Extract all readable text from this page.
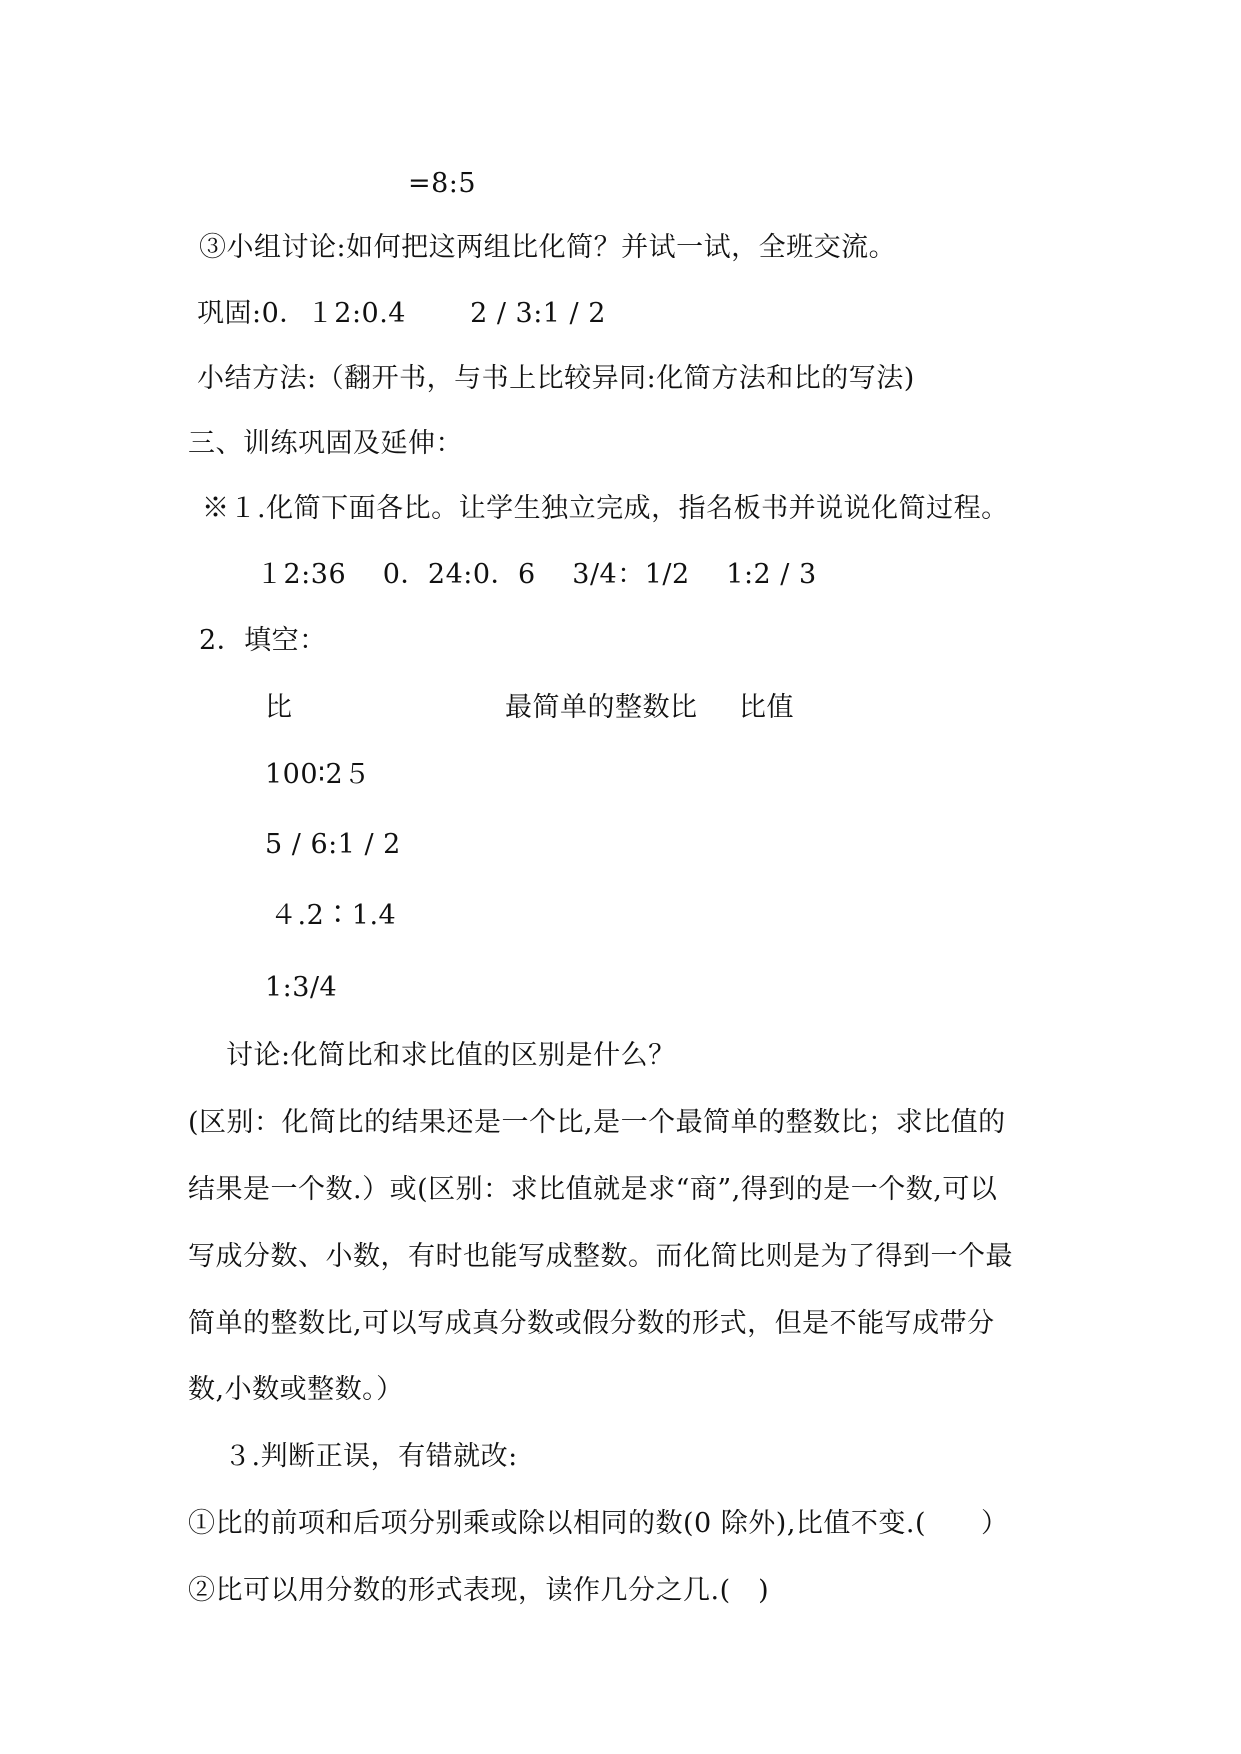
=8:5
③小组讨论:如何把这两组比化简？并试一试，全班交流。
巩固:0．１2:0.4　　 2 / 3:1 / 2
小结方法:（翻开书，与书上比较异同:化简方法和比的写法)
三、训练巩固及延伸：
※１.化简下面各比。让学生独立完成，指名板书并说说化简过程。
１2:36　 0．24:0．6　 3/4：1/2　 1:2 / 3
2．填空：
比	最简单的整数比 比值
100∶2５
5 / 6:1 / 2
４.2∶1.4
1:3/4
讨论:化简比和求比值的区别是什么？
(区别：化简比的结果还是一个比,是一个最简单的整数比；求比值的
结果是一个数.）或(区别：求比值就是求“商”,得到的是一个数,可以
写成分数、小数，有时也能写成整数。而化简比则是为了得到一个最
简单的整数比,可以写成真分数或假分数的形式，但是不能写成带分
数,小数或整数。）
３.判断正误，有错就改:
①比的前项和后项分别乘或除以相同的数(0 除外),比值不变.(　　）
②比可以用分数的形式表现，读作几分之几.(　)
